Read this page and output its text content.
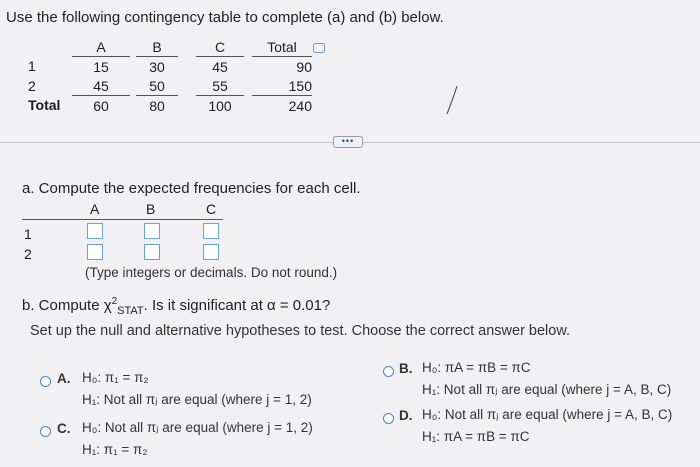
Use the following contingency table to complete (a) and (b) below.
	A		B		C		Total
1	15		30		45		90
2	45		50		55		150
Total	60		80		100		240
•••
a. Compute the expected frequencies for each cell.
A	B	C
1
2
(Type integers or decimals. Do not round.)
b. Compute $\chi^2_{STAT}$. Is it significant at α = 0.01?
Set up the null and alternative hypotheses to test. Choose the correct answer below.
A. H₀: π₁ = π₂
H₁: Not all πⱼ are equal (where j = 1, 2)
B. H₀: πA = πB = πC
H₁: Not all πⱼ are equal (where j = A, B, C)
C. H₀: Not all πⱼ are equal (where j = 1, 2)
H₁: π₁ = π₂
D. H₀: Not all πⱼ are equal (where j = A, B, C)
H₁: πA = πB = πC
